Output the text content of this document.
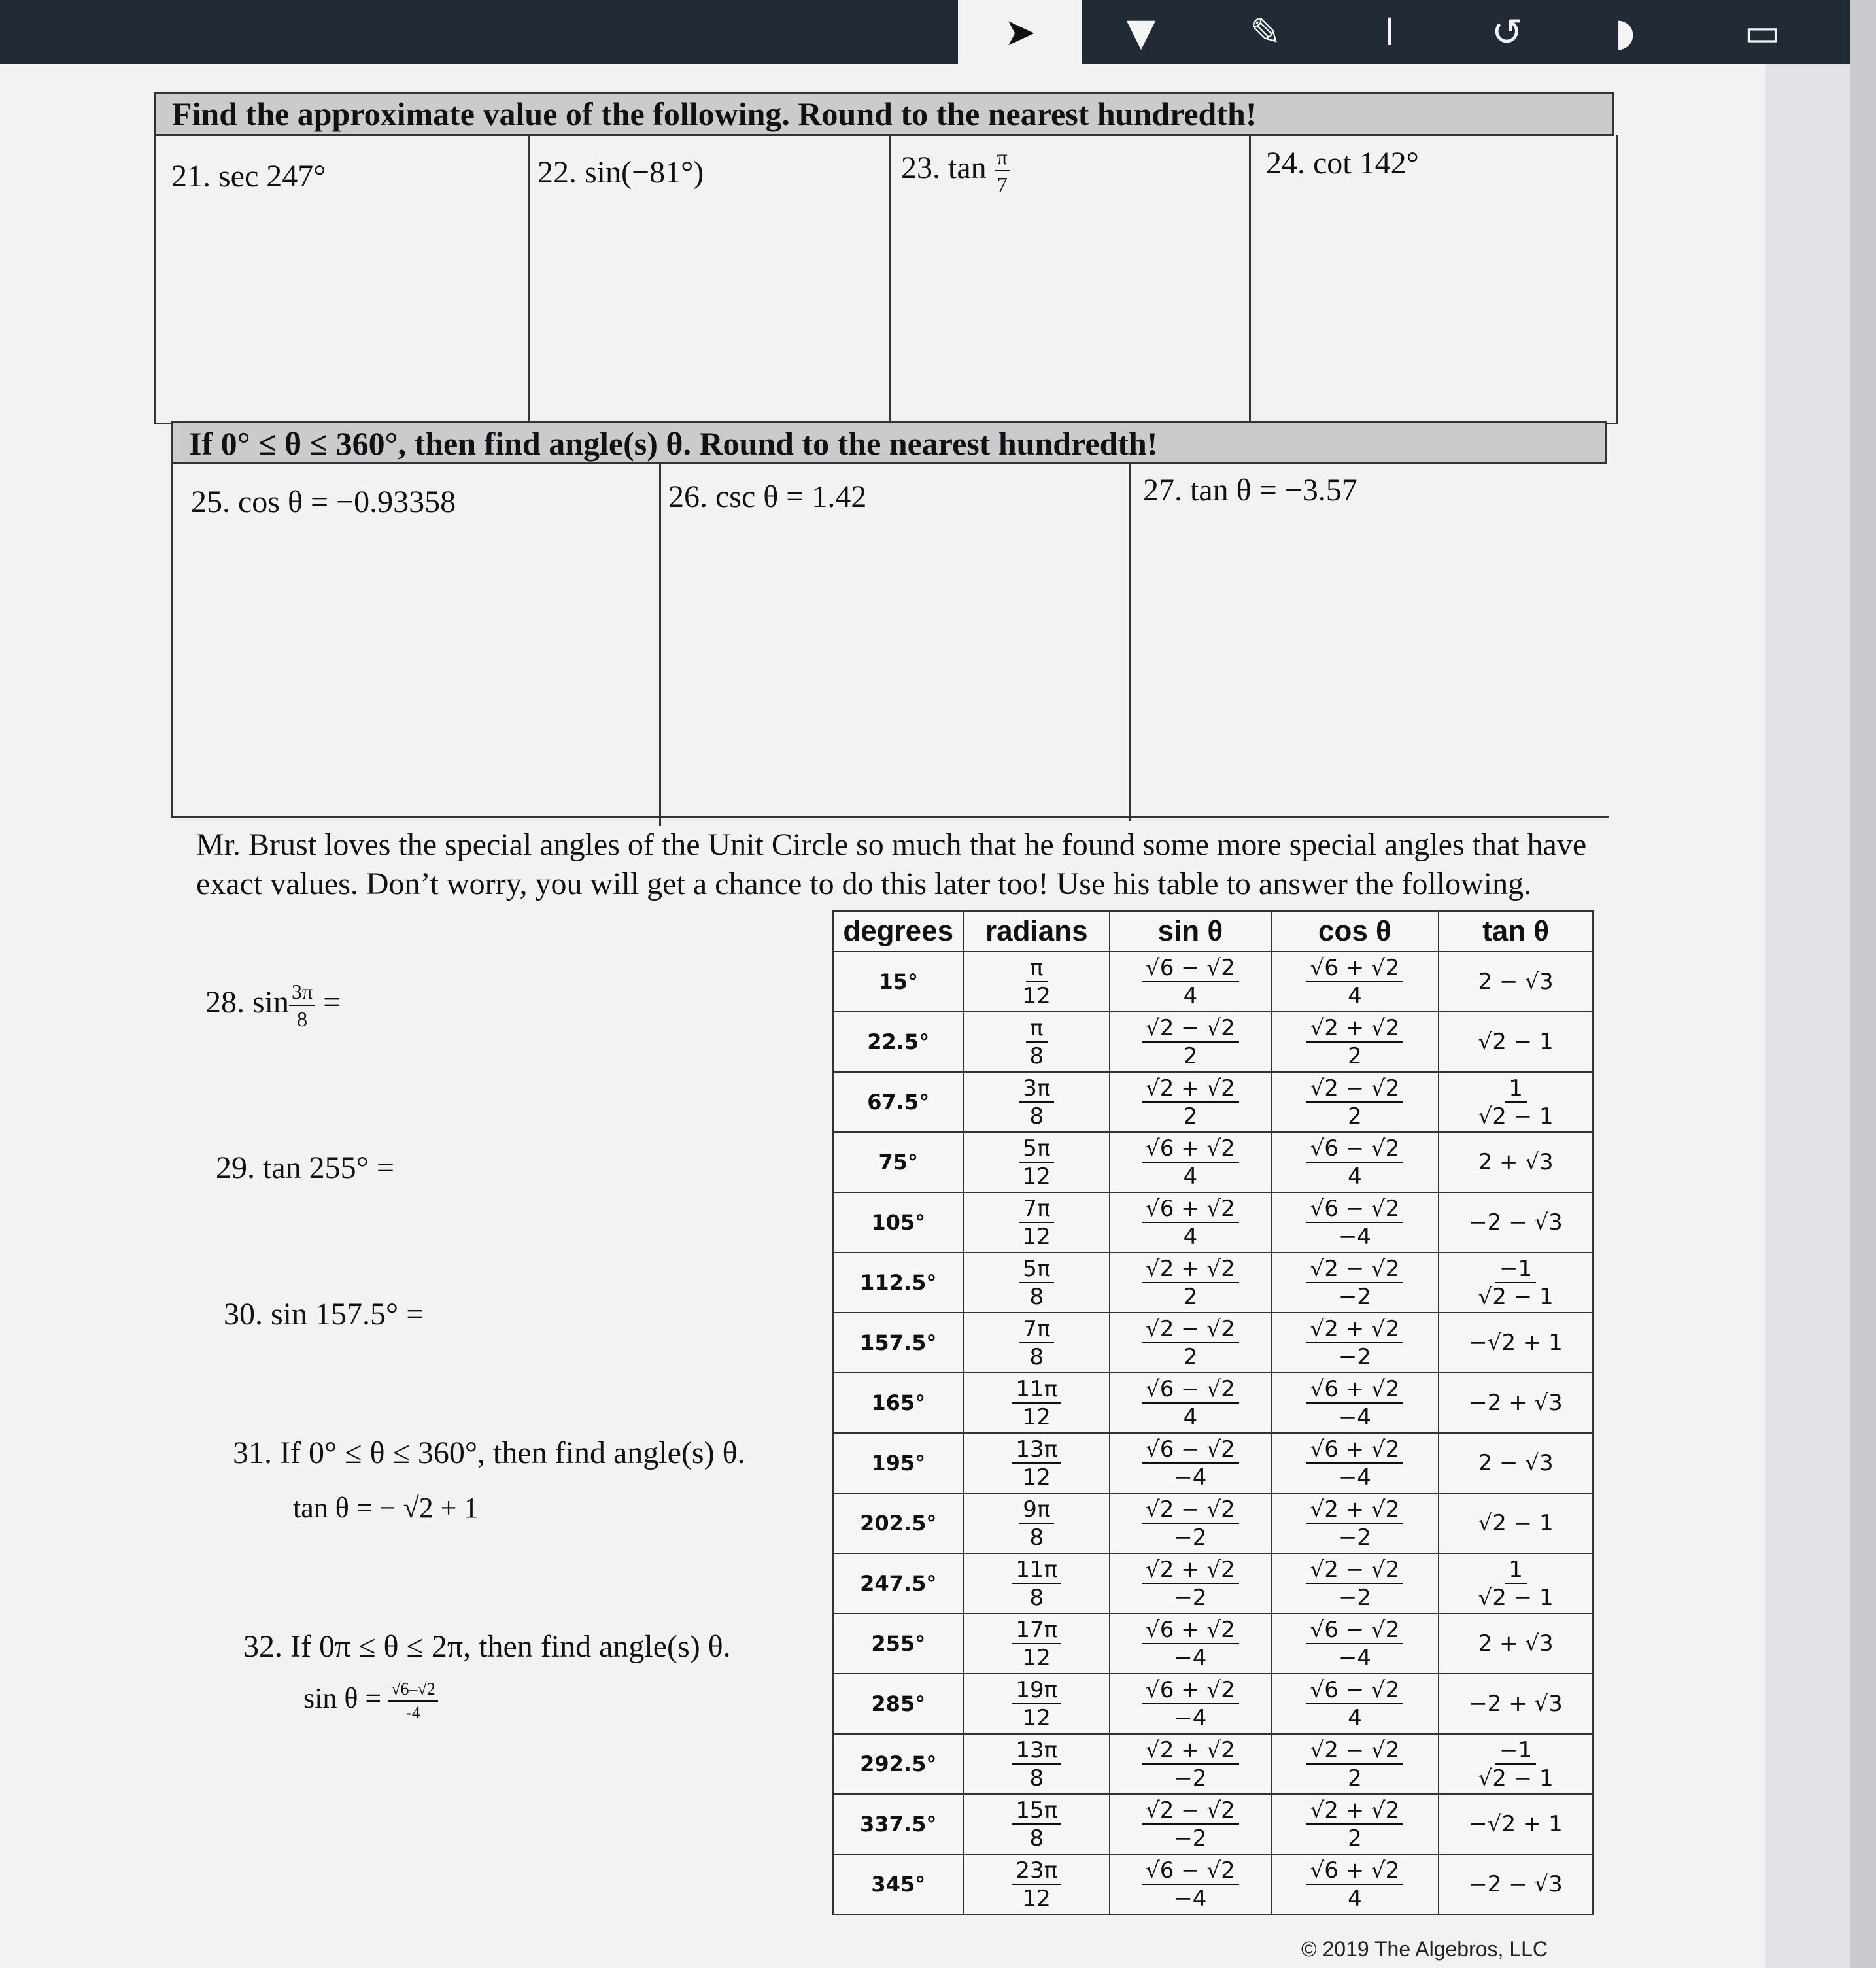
➤	▼	✎	I	↺	◗	▭
Find the approximate value of the following. Round to the nearest hundredth!
21. sec 247°	22. sin(−81°)	23. $\tan \frac{\pi}{7}$	24. cot 142°
If 0° ≤ θ ≤ 360°, then find angle(s) θ. Round to the nearest hundredth!
25. cos θ = −0.93358	26. csc θ = 1.42	27. tan θ = −3.57
Mr. Brust loves the special angles of the Unit Circle so much that he found some more special angles that have exact values. Don’t worry, you will get a chance to do this later too! Use his table to answer the following.
28. $\sin \frac{3\pi}{8}$ =
29. tan 255° =
30. sin 157.5° =
31. If 0° ≤ θ ≤ 360°, then find angle(s) θ.
tan θ = − √2 + 1
32. If 0π ≤ θ ≤ 2π, then find angle(s) θ.
$\sin \theta = \frac{√6-√2}{-4}$
degrees	radians	sin θ	cos θ	tan θ
15°	$\frac{\pi}{12}$	$\frac{√6 - √2}{4}$	$\frac{√6 + √2}{4}$	2 − √3
22.5°	$\frac{\pi}{8}$	$\frac{√2 - √2}{2}$	$\frac{√2 + √2}{2}$	√2 − 1
67.5°	$\frac{3\pi}{8}$	$\frac{√2 + √2}{2}$	$\frac{√2 - √2}{2}$	$\frac{1}{√2 - 1}$

75°	$\frac{5\pi}{12}$	$\frac{√6 + √2}{4}$	$\frac{√6 - √2}{4}$	2 + √3
105°	$\frac{7\pi}{12}$	$\frac{√6 + √2}{4}$	$\frac{√6 - √2}{-4}$	−2 − √3
112.5°	$\frac{5\pi}{8}$	$\frac{√2 + √2}{2}$	$\frac{√2 - √2}{-2}$	$\frac{-1}{√2 - 1}$

157.5°	$\frac{7\pi}{8}$	$\frac{√2 - √2}{2}$	$\frac{√2 + √2}{-2}$	−√2 + 1
165°	$\frac{11\pi}{12}$	$\frac{√6 - √2}{4}$	$\frac{√6 + √2}{-4}$	−2 + √3
195°	$\frac{13\pi}{12}$	$\frac{√6 - √2}{-4}$	$\frac{√6 + √2}{-4}$	2 − √3
202.5°	$\frac{9\pi}{8}$	$\frac{√2 - √2}{-2}$	$\frac{√2 + √2}{-2}$	√2 − 1
247.5°	$\frac{11\pi}{8}$	$\frac{√2 + √2}{-2}$	$\frac{√2 - √2}{-2}$	$\frac{1}{√2 - 1}$

255°	$\frac{17\pi}{12}$	$\frac{√6 + √2}{-4}$	$\frac{√6 - √2}{-4}$	2 + √3
285°	$\frac{19\pi}{12}$	$\frac{√6 + √2}{-4}$	$\frac{√6 - √2}{4}$	−2 + √3
292.5°	$\frac{13\pi}{8}$	$\frac{√2 + √2}{-2}$	$\frac{√2 - √2}{2}$	$\frac{-1}{√2 - 1}$

337.5°	$\frac{15\pi}{8}$	$\frac{√2 - √2}{-2}$	$\frac{√2 + √2}{2}$	−√2 + 1
345°	$\frac{23\pi}{12}$	$\frac{√6 - √2}{-4}$	$\frac{√6 + √2}{4}$	−2 − √3
© 2019 The Algebros, LLC
